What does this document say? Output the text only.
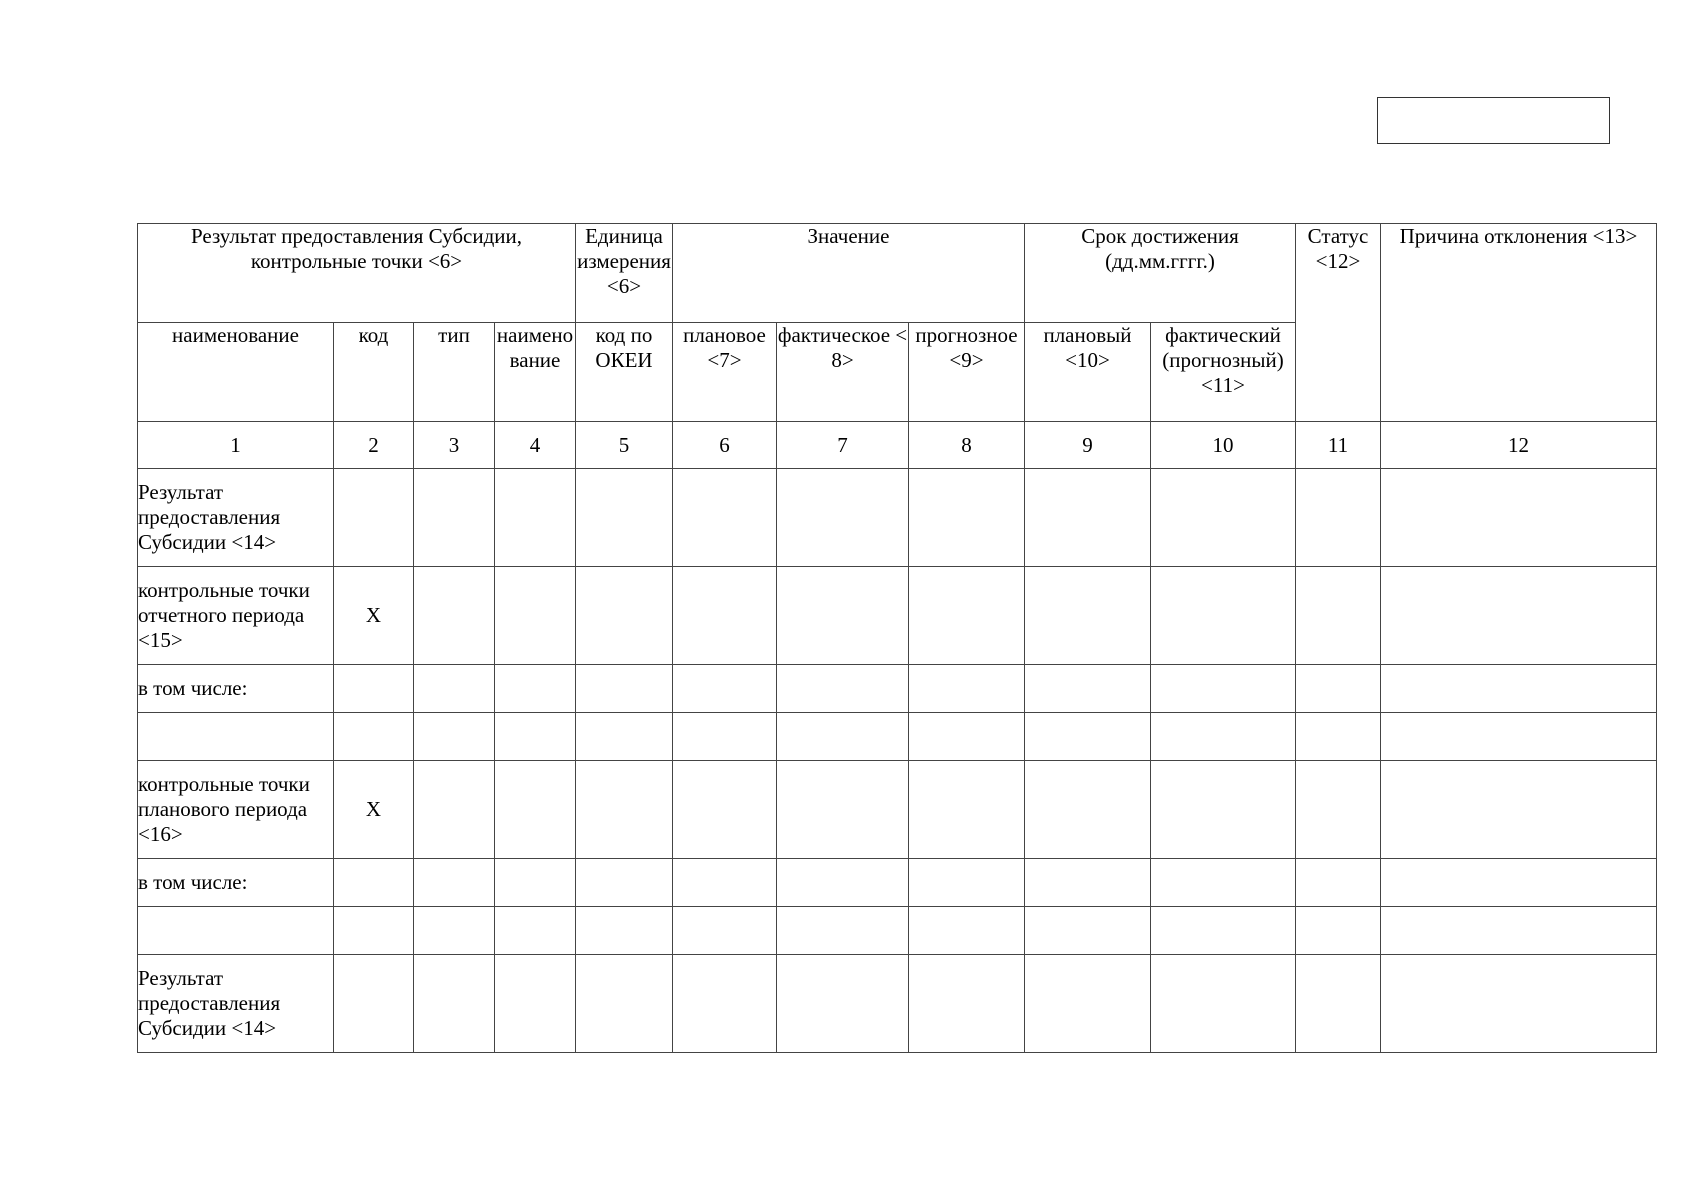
Результат предоставления Субсидии, контрольные точки <6>				Единица измерения <6>	Значение			Срок достижения (дд.мм.гггг.)		Статус <12>	Причина отклонения <13>
наименование	код	тип	наименование	код по ОКЕИ	плановое <7>	фактическое <8>	прогнозное <9>	плановый <10>	фактический (прогнозный) <11>		
1	2	3	4	5	6	7	8	9	10	11	12
Результат предоставления Субсидии <14>											
контрольные точки отчетного периода <15>	X										
в том числе:											

контрольные точки планового периода <16>	X										
в том числе:											

Результат предоставления Субсидии <14>											
